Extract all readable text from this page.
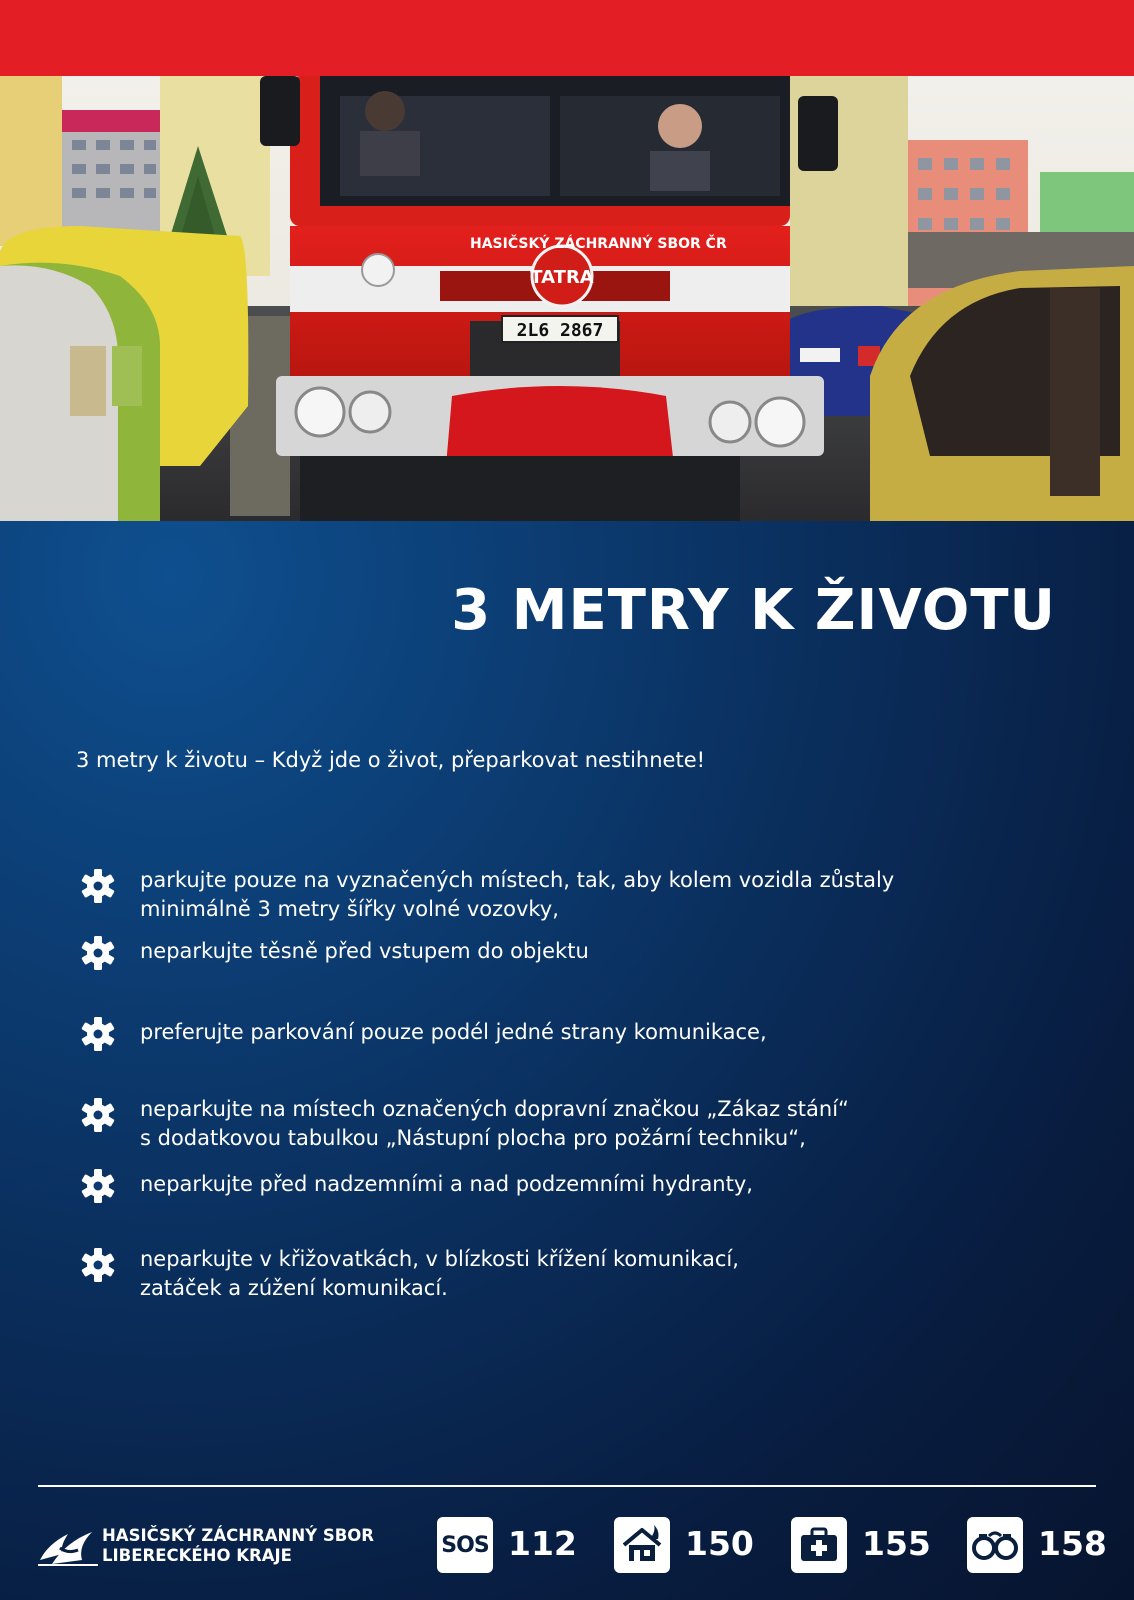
TATRA
HASIČSKÝ ZÁCHRANNÝ SBOR ČR
2L6 2867
3 METRY K ŽIVOTU
3 metry k životu – Když jde o život, přeparkovat nestihnete!
parkujte pouze na vyznačených místech, tak, aby kolem vozidla zůstaly
minimálně 3 metry šířky volné vozovky,
neparkujte těsně před vstupem do objektu
preferujte parkování pouze podél jedné strany komunikace,
neparkujte na místech označených dopravní značkou „Zákaz stání“
s dodatkovou tabulkou „Nástupní plocha pro požární techniku“,
neparkujte před nadzemními a nad podzemními hydranty,
neparkujte v křižovatkách, v blízkosti křížení komunikací,
zatáček a zúžení komunikací.
HASIČSKÝ ZÁCHRANNÝ SBOR
LIBERECKÉHO KRAJE	SOS 112	150	155	158
